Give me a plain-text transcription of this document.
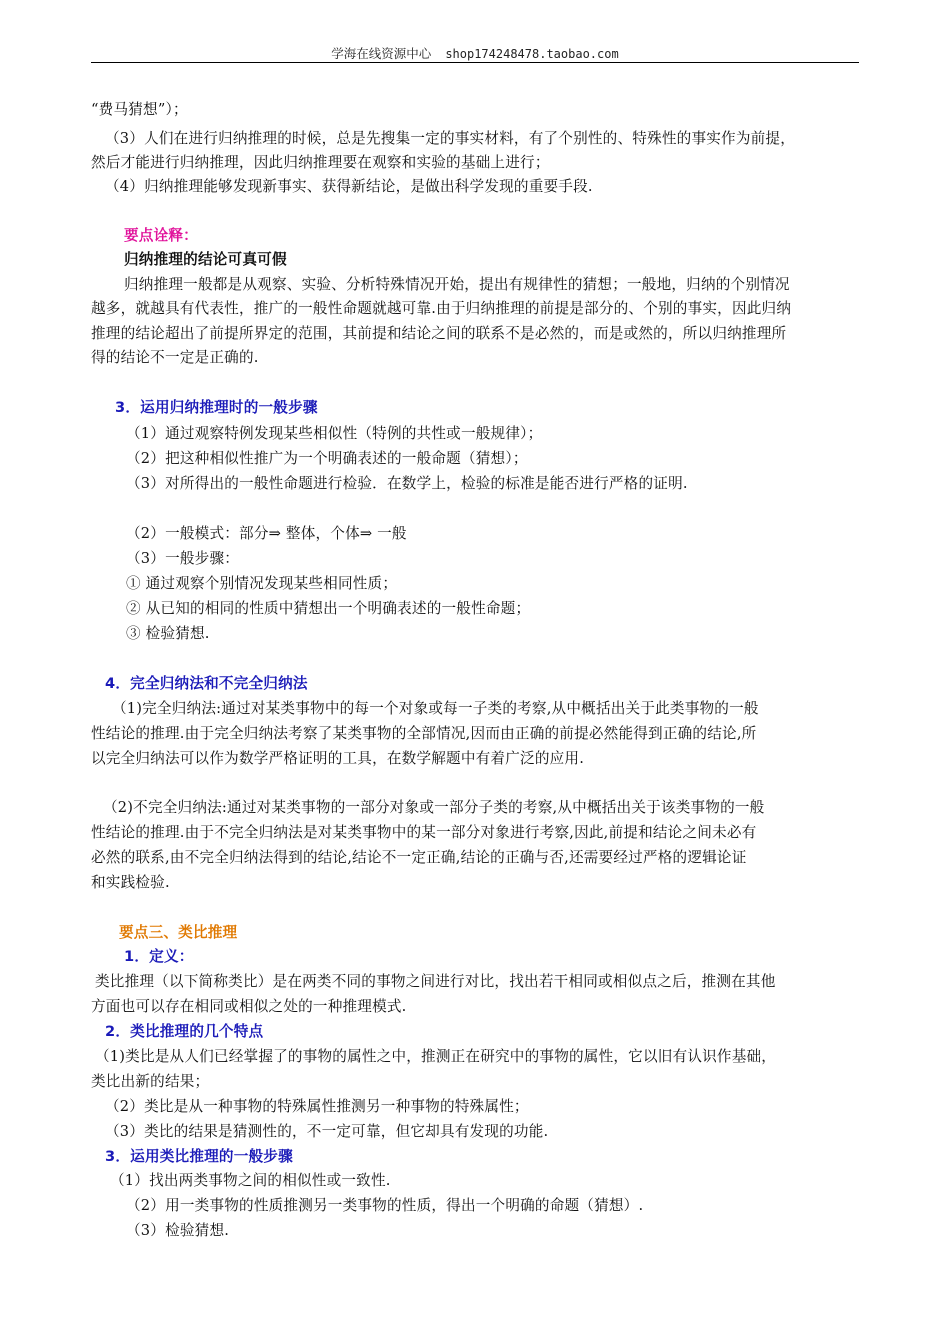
学海在线资源中心 shop174248478.taobao.com
“费马猜想”）；
（3）人们在进行归纳推理的时候，总是先搜集一定的事实材料，有了个别性的、特殊性的事实作为前提，
然后才能进行归纳推理，因此归纳推理要在观察和实验的基础上进行；
（4）归纳推理能够发现新事实、获得新结论，是做出科学发现的重要手段.
要点诠释：
归纳推理的结论可真可假
归纳推理一般都是从观察、实验、分析特殊情况开始，提出有规律性的猜想；一般地，归纳的个别情况
越多，就越具有代表性，推广的一般性命题就越可靠.由于归纳推理的前提是部分的、个别的事实，因此归纳
推理的结论超出了前提所界定的范围，其前提和结论之间的联系不是必然的，而是或然的，所以归纳推理所
得的结论不一定是正确的.
3．运用归纳推理时的一般步骤
（1）通过观察特例发现某些相似性（特例的共性或一般规律）；
（2）把这种相似性推广为一个明确表述的一般命题（猜想）；
（3）对所得出的一般性命题进行检验．在数学上，检验的标准是能否进行严格的证明.
（2）一般模式：部分⇒ 整体，个体⇒ 一般
（3）一般步骤：
① 通过观察个别情况发现某些相同性质；
② 从已知的相同的性质中猜想出一个明确表述的一般性命题；
③ 检验猜想.
4．完全归纳法和不完全归纳法
（1)完全归纳法:通过对某类事物中的每一个对象或每一子类的考察,从中概括出关于此类事物的一般
性结论的推理.由于完全归纳法考察了某类事物的全部情况,因而由正确的前提必然能得到正确的结论,所
以完全归纳法可以作为数学严格证明的工具，在数学解题中有着广泛的应用.
（2)不完全归纳法:通过对某类事物的一部分对象或一部分子类的考察,从中概括出关于该类事物的一般
性结论的推理.由于不完全归纳法是对某类事物中的某一部分对象进行考察,因此,前提和结论之间未必有
必然的联系,由不完全归纳法得到的结论,结论不一定正确,结论的正确与否,还需要经过严格的逻辑论证
和实践检验.
要点三、类比推理
1．定义：
类比推理（以下简称类比）是在两类不同的事物之间进行对比，找出若干相同或相似点之后，推测在其他
方面也可以存在相同或相似之处的一种推理模式.
2．类比推理的几个特点
（1)类比是从人们已经掌握了的事物的属性之中，推测正在研究中的事物的属性，它以旧有认识作基础，
类比出新的结果；
（2）类比是从一种事物的特殊属性推测另一种事物的特殊属性；
（3）类比的结果是猜测性的，不一定可靠，但它却具有发现的功能.
3．运用类比推理的一般步骤
（1）找出两类事物之间的相似性或一致性.
（2）用一类事物的性质推测另一类事物的性质，得出一个明确的命题（猜想）.
（3）检验猜想.
